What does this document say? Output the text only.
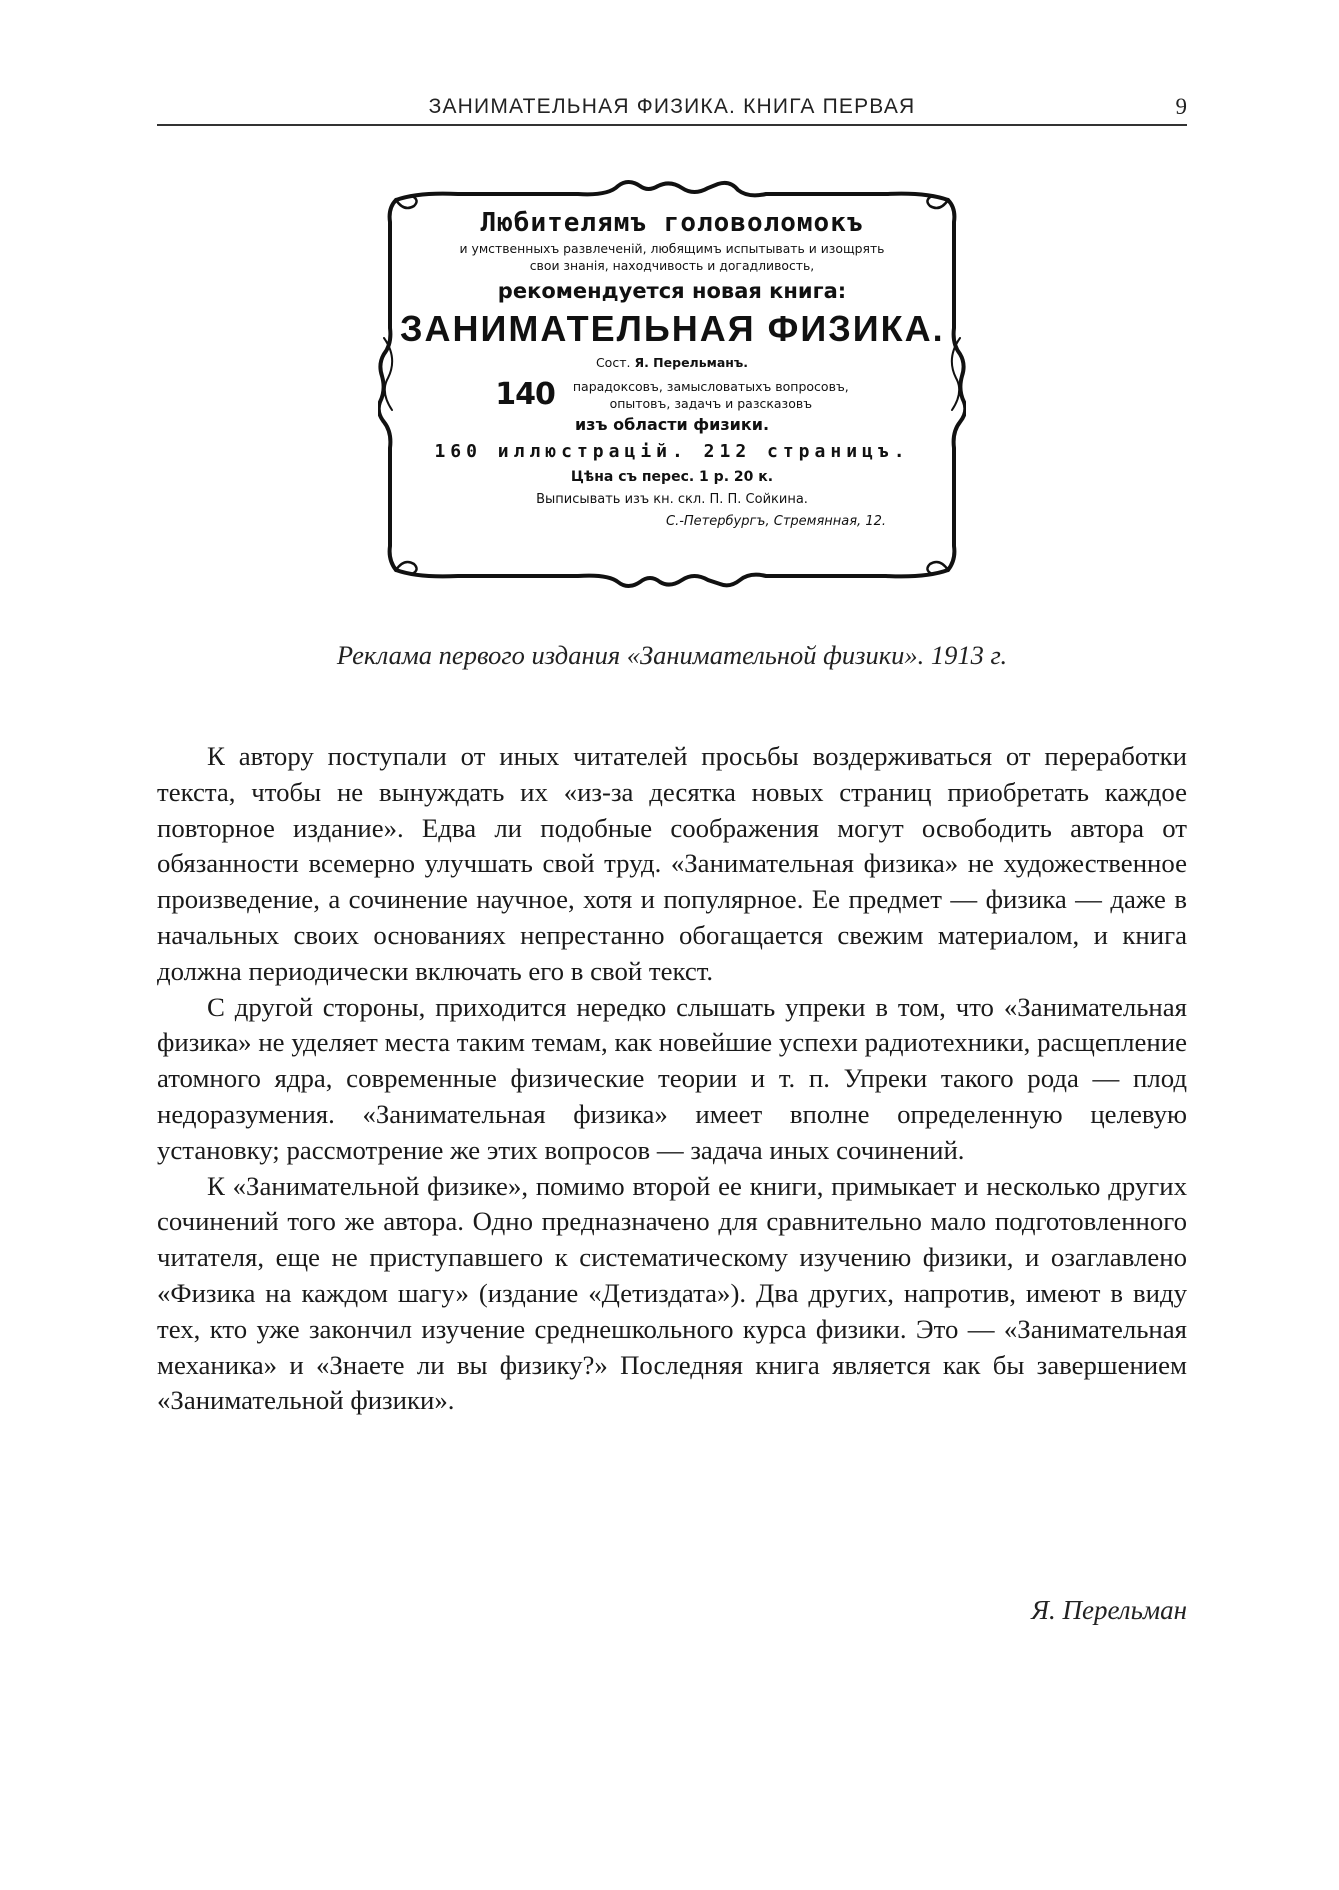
ЗАНИМАТЕЛЬНАЯ ФИЗИКА. КНИГА ПЕРВАЯ	9
Любителямъ головоломокъ
и умственныхъ развлеченій, любящимъ испытывать и изощрять
свои знанія, находчивость и догадливость,
рекомендуется новая книга:
ЗАНИМАТЕЛЬНАЯ ФИЗИКА.
Сост. Я. Перельманъ.
140 парадоксовъ, замысловатыхъ вопросовъ,
опытовъ, задачъ и разсказовъ
изъ области физики.
160 иллюстрацій. 212 страницъ.
Цѣна съ перес. 1 р. 20 к.
Выписывать изъ кн. скл. П. П. Сойкина.
С.-Петербургъ, Стремянная, 12.
Реклама первого издания «Занимательной физики». 1913 г.

К автору поступали от иных читателей просьбы воздерживаться от переработки текста, чтобы не вынуждать их «из-за десятка новых страниц приобретать каждое повторное издание». Едва ли подобные соображения могут освободить автора от обязанности всемерно улучшать свой труд. «Занимательная физика» не художественное произведение, а сочинение научное, хотя и популярное. Ее предмет — физика — даже в начальных своих основаниях непрестанно обогащается свежим материалом, и книга должна периодически включать его в свой текст.

С другой стороны, приходится нередко слышать упреки в том, что «Занимательная физика» не уделяет места таким темам, как новейшие успехи радиотехники, расщепление атомного ядра, современные физические теории и т. п. Упреки такого рода — плод недоразумения. «Занимательная физика» имеет вполне определенную целевую установку; рассмотрение же этих вопросов — задача иных сочинений.

К «Занимательной физике», помимо второй ее книги, примыкает и несколько других сочинений того же автора. Одно предназначено для сравнительно мало подготовленного читателя, еще не приступавшего к систематическому изучению физики, и озаглавлено «Физика на каждом шагу» (издание «Детиздата»). Два других, напротив, имеют в виду тех, кто уже закончил изучение среднешкольного курса физики. Это — «Занимательная механика» и «Знаете ли вы физику?» Последняя книга является как бы завершением «Занимательной физики».

Я. Перельман
